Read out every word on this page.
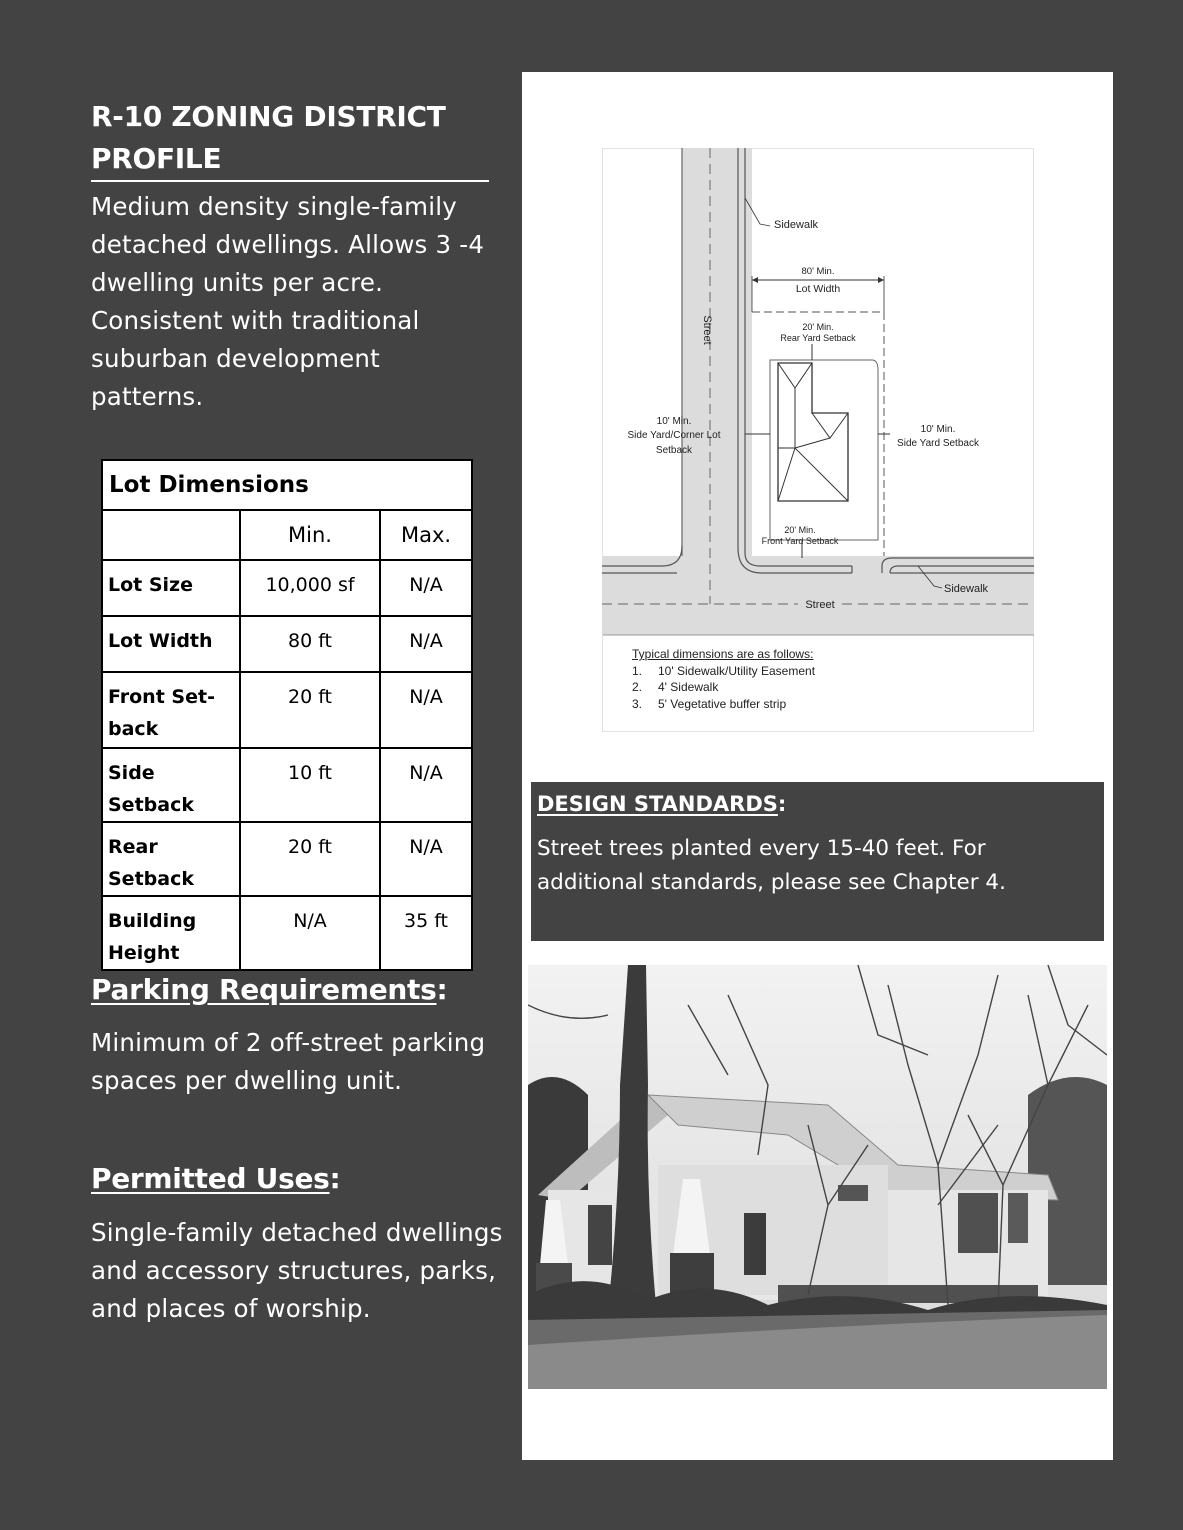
R-10 ZONING DISTRICT
PROFILE

Medium density single-family
detached dwellings. Allows 3 -4
dwelling units per acre.
Consistent with traditional
suburban development
patterns.

Lot Dimensions		
	Min.	Max.
Lot Size	10,000 sf	N/A
Lot Width	80 ft	N/A
Front Set-
back	20 ft	N/A
Side Setback	10 ft	N/A
Rear Setback	20 ft	N/A
Building
Height	N/A	35 ft
Parking Requirements:

Minimum of 2 off-street parking
spaces per dwelling unit.

Permitted Uses:

Single-family detached dwellings
and accessory structures, parks,
and places of worship.

Sidewalk
Street
80' Min.
Lot Width
20' Min.
Rear Yard Setback
10' Min.
Side Yard/Corner Lot
Setback
10' Min.
Side Yard Setback
20' Min.
Front Yard Setback
Sidewalk
Street
Typical dimensions are as follows:
1. 10' Sidewalk/Utility Easement
2. 4' Sidewalk
3. 5' Vegetative buffer strip
DESIGN STANDARDS:

Street trees planted every 15-40 feet. For
additional standards, please see Chapter 4.
